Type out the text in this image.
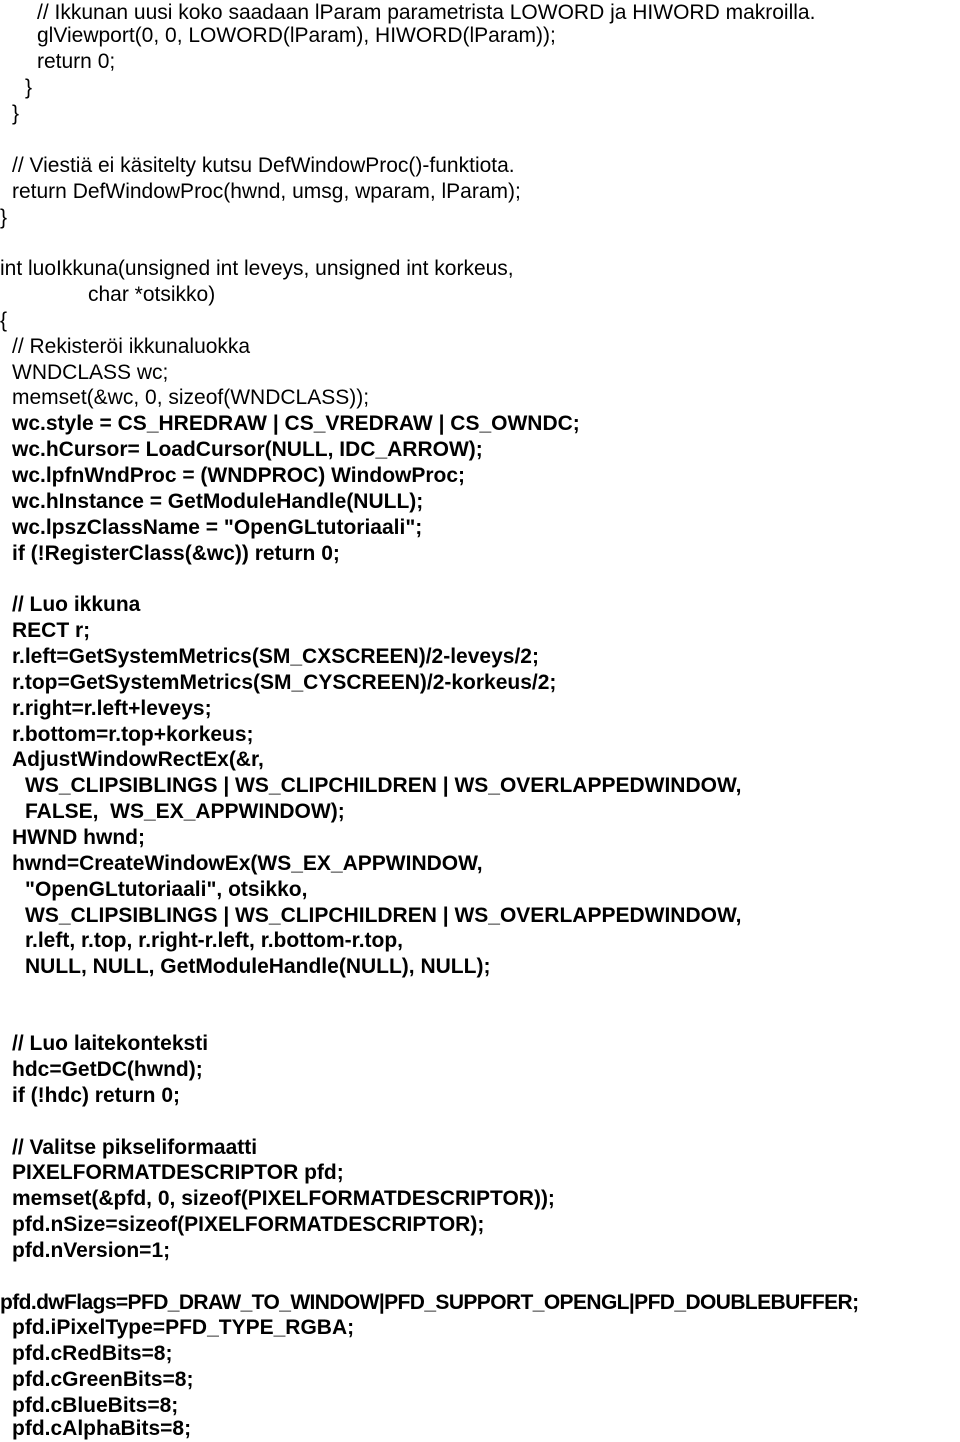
// Ikkunan uusi koko saadaan lParam parametrista LOWORD ja HIWORD makroilla.
glViewport(0, 0, LOWORD(lParam), HIWORD(lParam));
return 0;
}
}
// Viestiä ei käsitelty kutsu DefWindowProc()-funktiota.
return DefWindowProc(hwnd, umsg, wparam, lParam);
}
int luoIkkuna(unsigned int leveys, unsigned int korkeus,
char *otsikko)
{
// Rekisteröi ikkunaluokka
WNDCLASS wc;
memset(&wc, 0, sizeof(WNDCLASS));
wc.style = CS_HREDRAW | CS_VREDRAW | CS_OWNDC;
wc.hCursor= LoadCursor(NULL, IDC_ARROW);
wc.lpfnWndProc = (WNDPROC) WindowProc;
wc.hInstance = GetModuleHandle(NULL);
wc.lpszClassName = "OpenGLtutoriaali";
if (!RegisterClass(&wc)) return 0;
// Luo ikkuna
RECT r;
r.left=GetSystemMetrics(SM_CXSCREEN)/2-leveys/2;
r.top=GetSystemMetrics(SM_CYSCREEN)/2-korkeus/2;
r.right=r.left+leveys;
r.bottom=r.top+korkeus;
AdjustWindowRectEx(&r,
WS_CLIPSIBLINGS | WS_CLIPCHILDREN | WS_OVERLAPPEDWINDOW,
FALSE,  WS_EX_APPWINDOW);
HWND hwnd;
hwnd=CreateWindowEx(WS_EX_APPWINDOW,
"OpenGLtutoriaali", otsikko,
WS_CLIPSIBLINGS | WS_CLIPCHILDREN | WS_OVERLAPPEDWINDOW,
r.left, r.top, r.right-r.left, r.bottom-r.top,
NULL, NULL, GetModuleHandle(NULL), NULL);
// Luo laitekonteksti
hdc=GetDC(hwnd);
if (!hdc) return 0;
// Valitse pikseliformaatti
PIXELFORMATDESCRIPTOR pfd;
memset(&pfd, 0, sizeof(PIXELFORMATDESCRIPTOR));
pfd.nSize=sizeof(PIXELFORMATDESCRIPTOR);
pfd.nVersion=1;
pfd.dwFlags=PFD_DRAW_TO_WINDOW|PFD_SUPPORT_OPENGL|PFD_DOUBLEBUFFER;
pfd.iPixelType=PFD_TYPE_RGBA;
pfd.cRedBits=8;
pfd.cGreenBits=8;
pfd.cBlueBits=8;
pfd.cAlphaBits=8;
